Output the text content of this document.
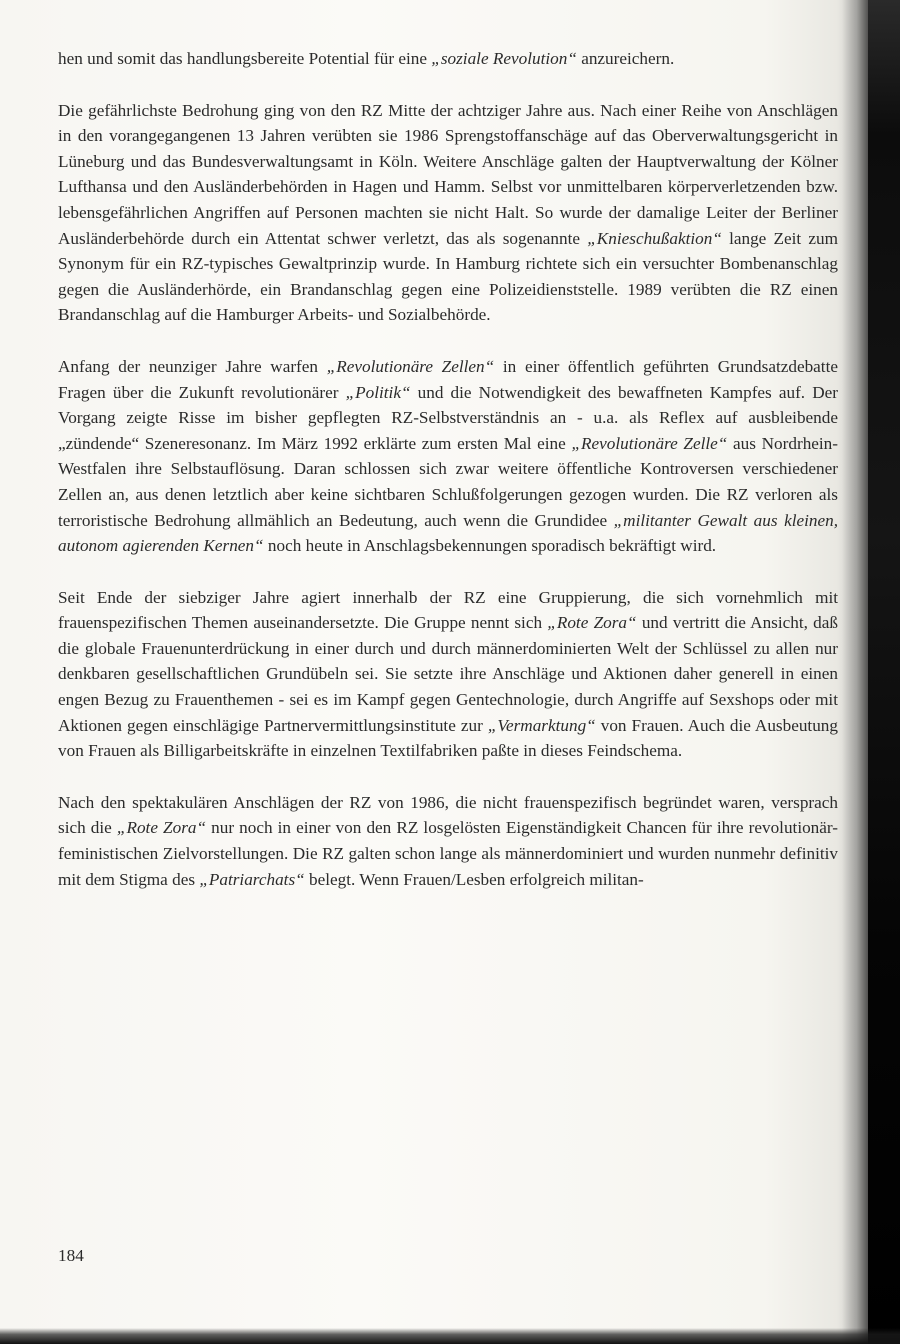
hen und somit das handlungsbereite Potential für eine „soziale Revolution“ anzureichern.

Die gefährlichste Bedrohung ging von den RZ Mitte der achtziger Jahre aus. Nach einer Reihe von Anschlägen in den vorangegangenen 13 Jahren verübten sie 1986 Sprengstoffanschäge auf das Oberverwaltungsgericht in Lüneburg und das Bundesverwaltungsamt in Köln. Weitere Anschläge galten der Hauptverwaltung der Kölner Lufthansa und den Ausländerbehörden in Hagen und Hamm. Selbst vor unmittelbaren körperverletzenden bzw. lebensgefährlichen Angriffen auf Personen machten sie nicht Halt. So wurde der damalige Leiter der Berliner Ausländerbehörde durch ein Attentat schwer verletzt, das als sogenannte „Knieschußaktion“ lange Zeit zum Synonym für ein RZ-typisches Gewaltprinzip wurde. In Hamburg richtete sich ein versuchter Bombenanschlag gegen die Ausländerhörde, ein Brandanschlag gegen eine Polizeidienststelle. 1989 verübten die RZ einen Brandanschlag auf die Hamburger Arbeits- und Sozialbehörde.

Anfang der neunziger Jahre warfen „Revolutionäre Zellen“ in einer öffentlich geführten Grundsatzdebatte Fragen über die Zukunft revolutionärer „Politik“ und die Notwendigkeit des bewaffneten Kampfes auf. Der Vorgang zeigte Risse im bisher gepflegten RZ-Selbstverständnis an - u.a. als Reflex auf ausbleibende „zündende“ Szeneresonanz. Im März 1992 erklärte zum ersten Mal eine „Revolutionäre Zelle“ aus Nordrhein-Westfalen ihre Selbstauflösung. Daran schlossen sich zwar weitere öffentliche Kontroversen verschiedener Zellen an, aus denen letztlich aber keine sichtbaren Schlußfolgerungen gezogen wurden. Die RZ verloren als terroristische Bedrohung allmählich an Bedeutung, auch wenn die Grundidee „militanter Gewalt aus kleinen, autonom agierenden Kernen“ noch heute in Anschlagsbekennungen sporadisch bekräftigt wird.

Seit Ende der siebziger Jahre agiert innerhalb der RZ eine Gruppierung, die sich vornehmlich mit frauenspezifischen Themen auseinandersetzte. Die Gruppe nennt sich „Rote Zora“ und vertritt die Ansicht, daß die globale Frauenunterdrückung in einer durch und durch männerdominierten Welt der Schlüssel zu allen nur denkbaren gesellschaftlichen Grundübeln sei. Sie setzte ihre Anschläge und Aktionen daher generell in einen engen Bezug zu Frauenthemen - sei es im Kampf gegen Gentechnologie, durch Angriffe auf Sexshops oder mit Aktionen gegen einschlägige Partnervermittlungsinstitute zur „Vermarktung“ von Frauen. Auch die Ausbeutung von Frauen als Billigarbeitskräfte in einzelnen Textilfabriken paßte in dieses Feindschema.

Nach den spektakulären Anschlägen der RZ von 1986, die nicht frauenspezifisch begründet waren, versprach sich die „Rote Zora“ nur noch in einer von den RZ losgelösten Eigenständigkeit Chancen für ihre revolutionär-feministischen Zielvorstellungen. Die RZ galten schon lange als männerdominiert und wurden nunmehr definitiv mit dem Stigma des „Patriarchats“ belegt. Wenn Frauen/Lesben erfolgreich militan-

184
